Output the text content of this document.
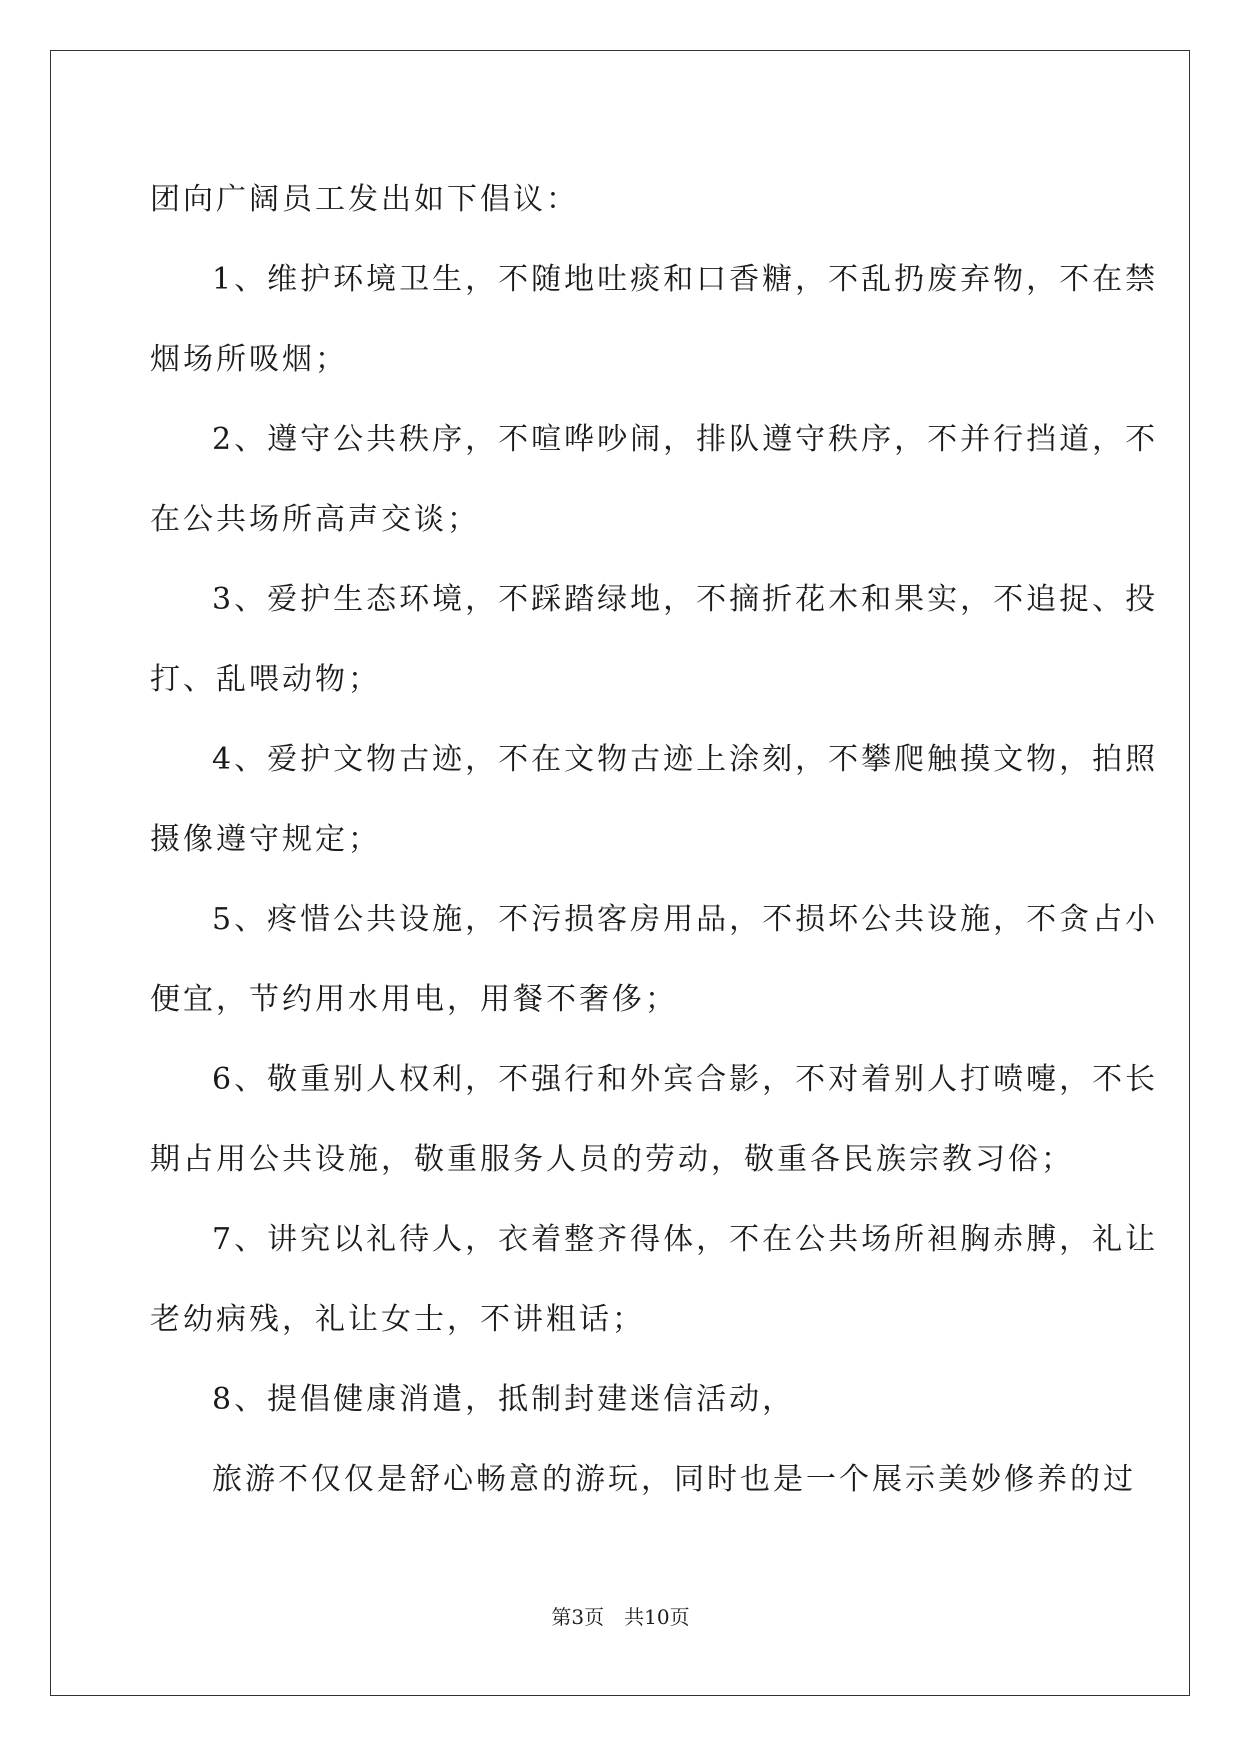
团向广阔员工发出如下倡议：

1、维护环境卫生，不随地吐痰和口香糖，不乱扔废弃物，不在禁

烟场所吸烟；

2、遵守公共秩序，不喧哗吵闹，排队遵守秩序，不并行挡道，不

在公共场所高声交谈；

3、爱护生态环境，不踩踏绿地，不摘折花木和果实，不追捉、投

打、乱喂动物；

4、爱护文物古迹，不在文物古迹上涂刻，不攀爬触摸文物，拍照

摄像遵守规定；

5、疼惜公共设施，不污损客房用品，不损坏公共设施，不贪占小

便宜，节约用水用电，用餐不奢侈；

6、敬重别人权利，不强行和外宾合影，不对着别人打喷嚏，不长

期占用公共设施，敬重服务人员的劳动，敬重各民族宗教习俗；

7、讲究以礼待人，衣着整齐得体，不在公共场所袒胸赤膊，礼让

老幼病残，礼让女士，不讲粗话；

8、提倡健康消遣，抵制封建迷信活动，

旅游不仅仅是舒心畅意的游玩，同时也是一个展示美妙修养的过

第3页　共10页
